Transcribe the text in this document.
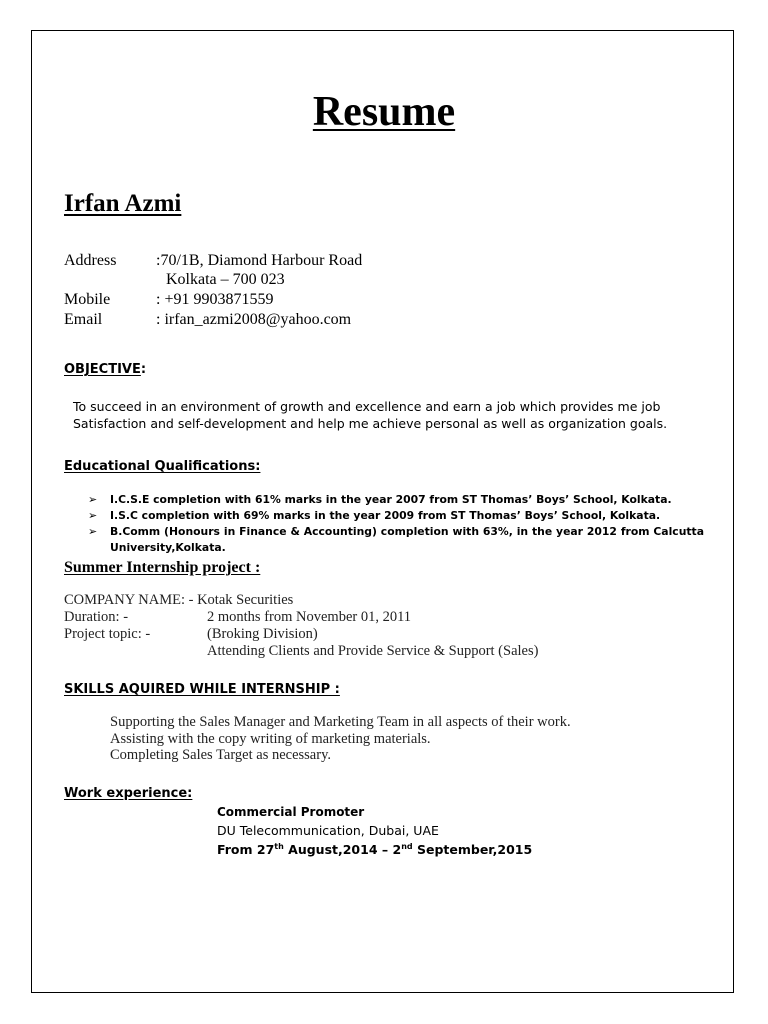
Resume
Irfan Azmi
Address :70/1B, Diamond Harbour Road
Kolkata – 700 023
Mobile	: +91 9903871559
Email	: irfan_azmi2008@yahoo.com
OBJECTIVE:
To succeed in an environment of growth and excellence and earn a job which provides me job
Satisfaction and self-development and help me achieve personal as well as organization goals.
Educational Qualifications:
➢ I.C.S.E completion with 61% marks in the year 2007 from ST Thomas’ Boys’ School, Kolkata.
➢ I.S.C completion with 69% marks in the year 2009 from ST Thomas’ Boys’ School, Kolkata.
➢ B.Comm (Honours in Finance & Accounting) completion with 63%, in the year 2012 from Calcutta University,Kolkata.
Summer Internship project :
COMPANY NAME: - Kotak Securities
Duration: -	2 months from November 01, 2011
Project topic: -	(Broking Division)
Attending Clients and Provide Service & Support (Sales)
SKILLS AQUIRED WHILE INTERNSHIP :
Supporting the Sales Manager and Marketing Team in all aspects of their work.
Assisting with the copy writing of marketing materials.
Completing Sales Target as necessary.
Work experience:
Commercial Promoter
DU Telecommunication, Dubai, UAE
From 27th August,2014 – 2nd September,2015
